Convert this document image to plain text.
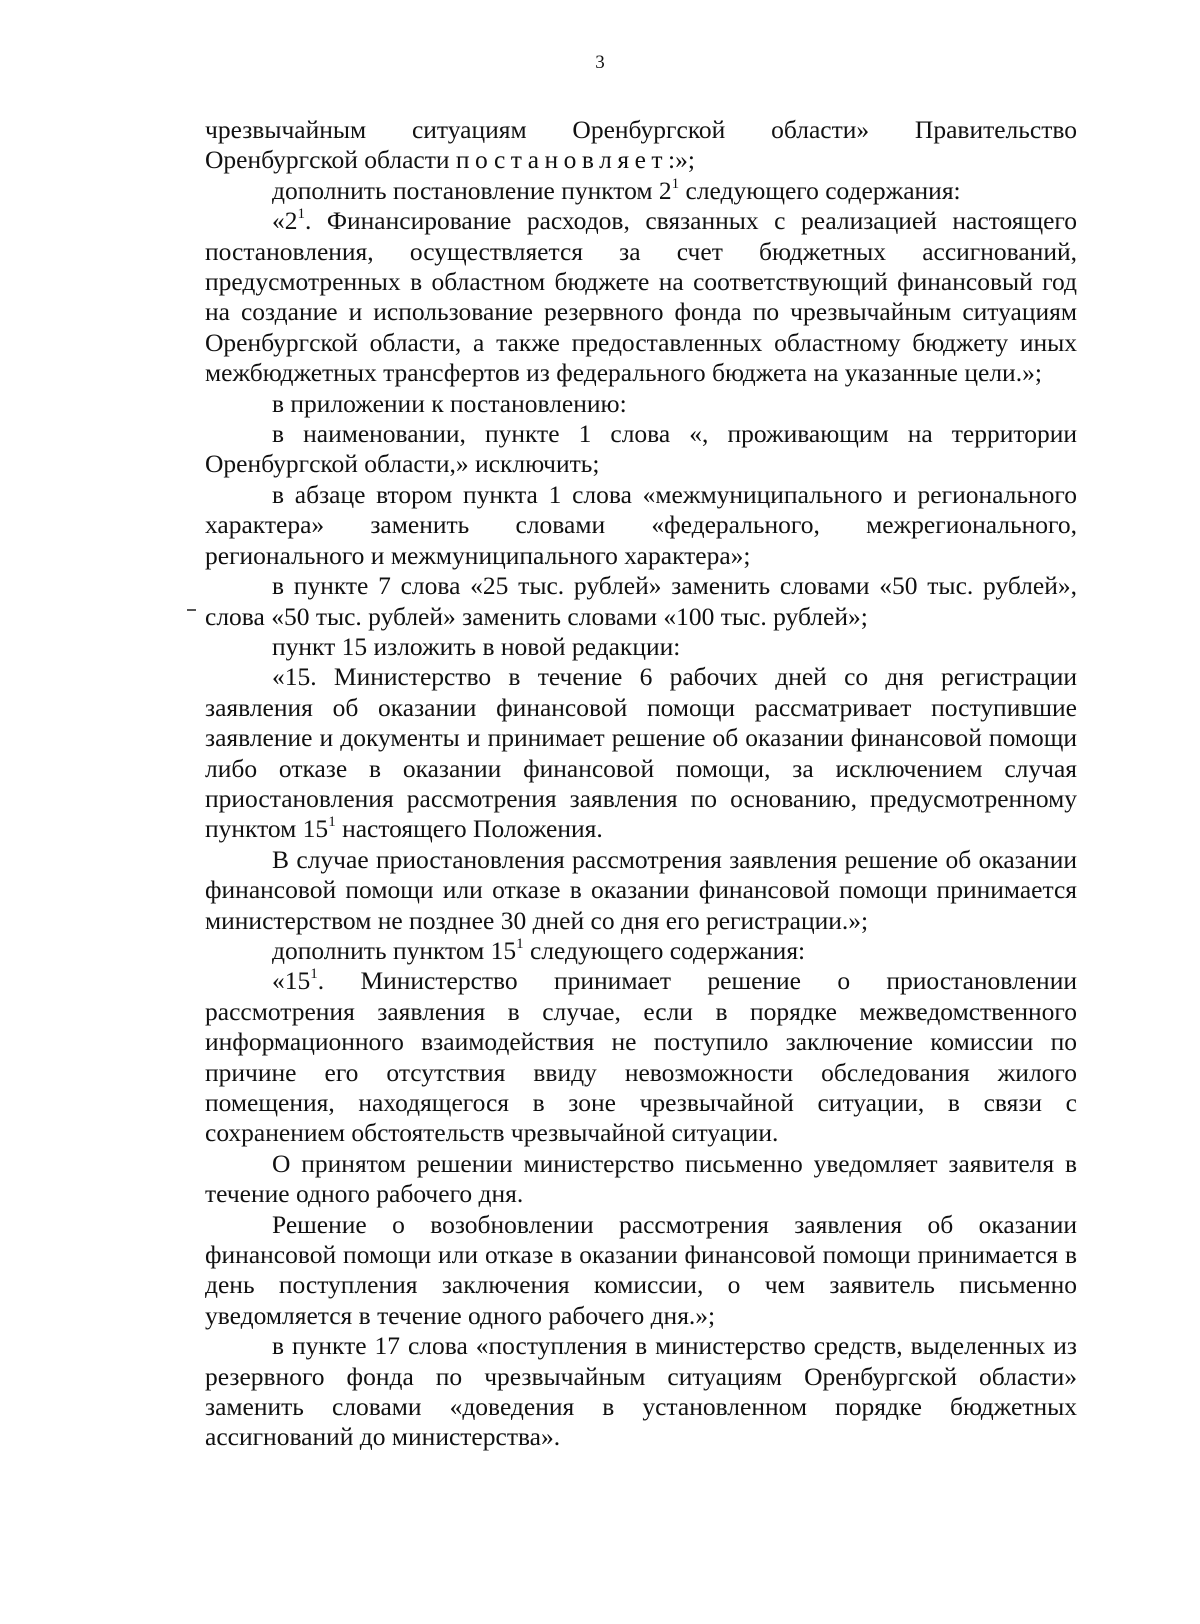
3

чрезвычайным ситуациям Оренбургской области» Правительство Оренбургской области постановляет:»;

дополнить постановление пунктом $2^1$ следующего содержания:

«$2^1$. Финансирование расходов, связанных с реализацией настоящего постановления, осуществляется за счет бюджетных ассигнований, предусмотренных в областном бюджете на соответствующий финансовый год на создание и использование резервного фонда по чрезвычайным ситуациям Оренбургской области, а также предоставленных областному бюджету иных межбюджетных трансфертов из федерального бюджета на указанные цели.»;

в приложении к постановлению:

в наименовании, пункте 1 слова «, проживающим на территории Оренбургской области,» исключить;

в абзаце втором пункта 1 слова «межмуниципального и регионального характера» заменить словами «федерального, межрегионального, регионального и межмуниципального характера»;

в пункте 7 слова «25 тыс. рублей» заменить словами «50 тыс. рублей», слова «50 тыс. рублей» заменить словами «100 тыс. рублей»;

пункт 15 изложить в новой редакции:

«15. Министерство в течение 6 рабочих дней со дня регистрации заявления об оказании финансовой помощи рассматривает поступившие заявление и документы и принимает решение об оказании финансовой помощи либо отказе в оказании финансовой помощи, за исключением случая приостановления рассмотрения заявления по основанию, предусмотренному пунктом $15^1$ настоящего Положения.

В случае приостановления рассмотрения заявления решение об оказании финансовой помощи или отказе в оказании финансовой помощи принимается министерством не позднее 30 дней со дня его регистрации.»;

дополнить пунктом $15^1$ следующего содержания:

«$15^1$. Министерство принимает решение о приостановлении рассмотрения заявления в случае, если в порядке межведомственного информационного взаимодействия не поступило заключение комиссии по причине его отсутствия ввиду невозможности обследования жилого помещения, находящегося в зоне чрезвычайной ситуации, в связи с сохранением обстоятельств чрезвычайной ситуации.

О принятом решении министерство письменно уведомляет заявителя в течение одного рабочего дня.

Решение о возобновлении рассмотрения заявления об оказании финансовой помощи или отказе в оказании финансовой помощи принимается в день поступления заключения комиссии, о чем заявитель письменно уведомляется в течение одного рабочего дня.»;

в пункте 17 слова «поступления в министерство средств, выделенных из резервного фонда по чрезвычайным ситуациям Оренбургской области» заменить словами «доведения в установленном порядке бюджетных ассигнований до министерства».
